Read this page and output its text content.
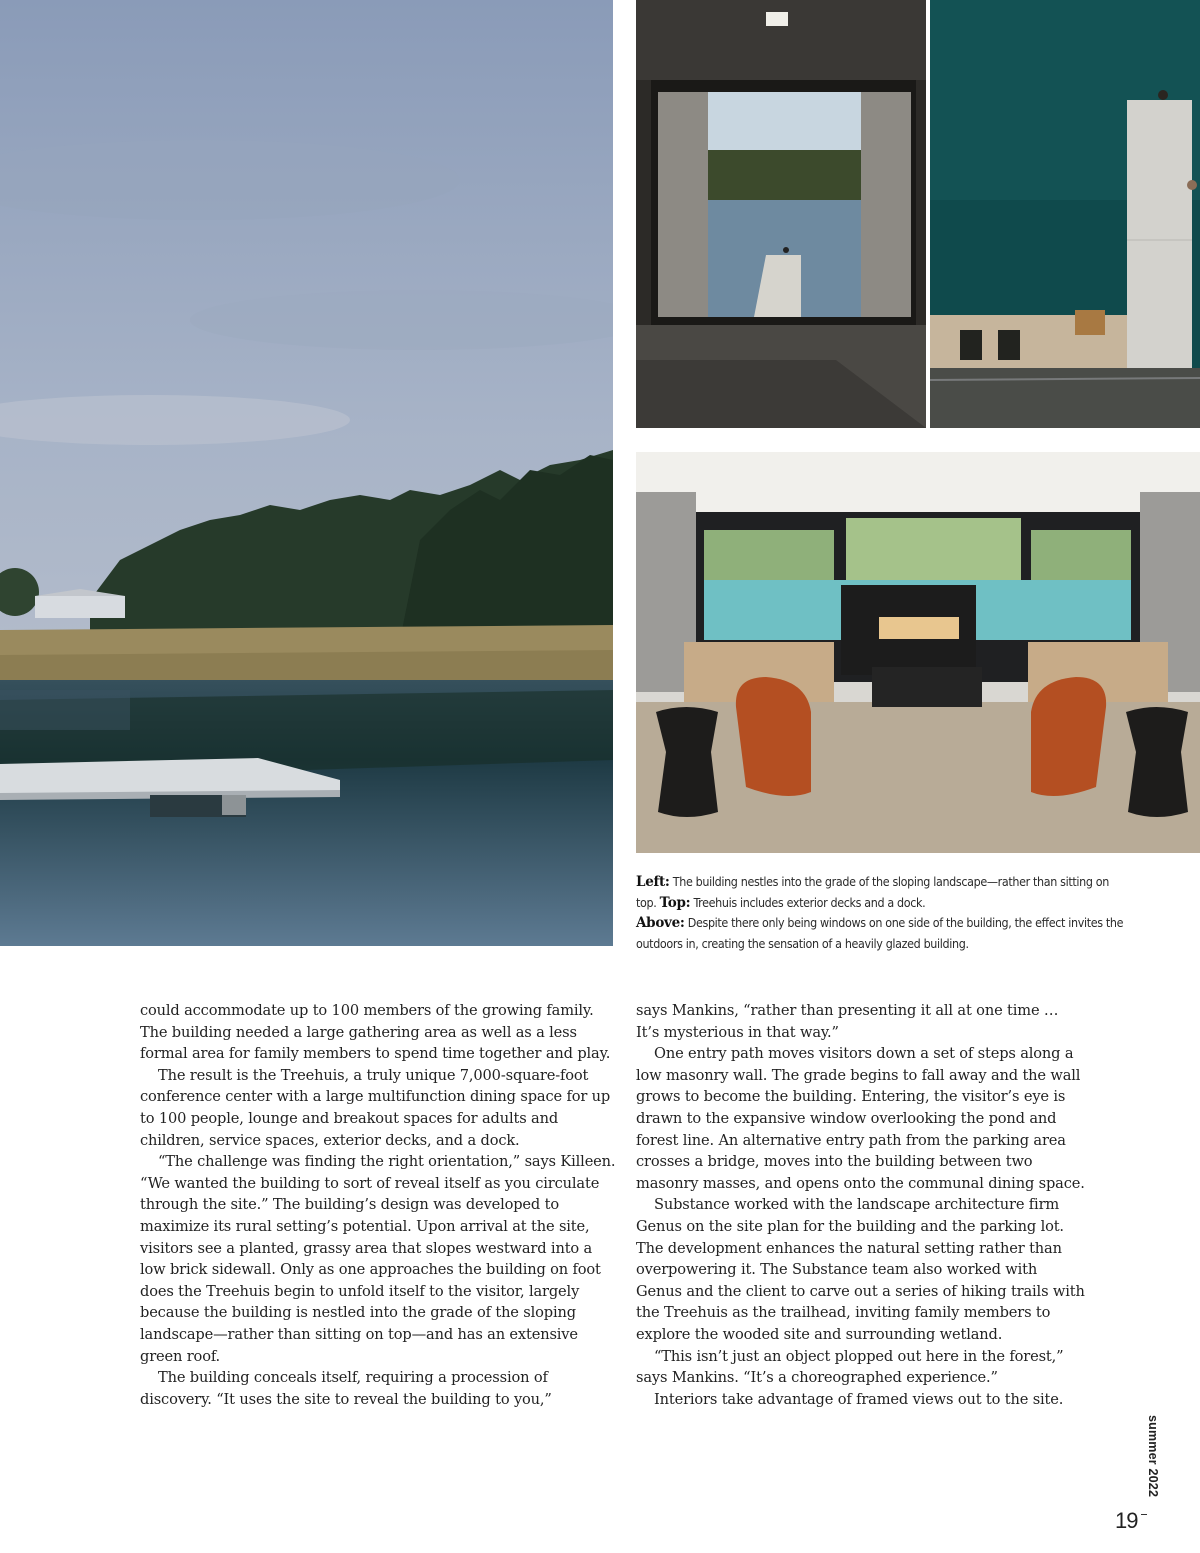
Left: The building nestles into the grade of the sloping landscape—rather than sitting on top. Top: Treehuis includes exterior decks and a dock.
Above: Despite there only being windows on one side of the building, the effect invites the outdoors in, creating the sensation of a heavily glazed building.

could accommodate up to 100 members of the growing family. The building needed a large gathering area as well as a less formal area for family members to spend time together and play.

The result is the Treehuis, a truly unique 7,000-square-foot conference center with a large multifunction dining space for up to 100 people, lounge and breakout spaces for adults and children, service spaces, exterior decks, and a dock.

“The challenge was finding the right orientation,” says Killeen. “We wanted the building to sort of reveal itself as you circulate through the site.” The building’s design was developed to maximize its rural setting’s potential. Upon arrival at the site, visitors see a planted, grassy area that slopes westward into a low brick sidewall. Only as one approaches the building on foot does the Treehuis begin to unfold itself to the visitor, largely because the building is nestled into the grade of the sloping landscape—rather than sitting on top—and has an extensive green roof.

The building conceals itself, requiring a procession of discovery. “It uses the site to reveal the building to you,”

says Mankins, “rather than presenting it all at one time … It’s mysterious in that way.”

One entry path moves visitors down a set of steps along a low masonry wall. The grade begins to fall away and the wall grows to become the building. Entering, the visitor’s eye is drawn to the expansive window overlooking the pond and forest line. An alternative entry path from the parking area crosses a bridge, moves into the building between two masonry masses, and opens onto the communal dining space.

Substance worked with the landscape architecture firm Genus on the site plan for the building and the parking lot. The development enhances the natural setting rather than overpowering it. The Substance team also worked with Genus and the client to carve out a series of hiking trails with the Treehuis as the trailhead, inviting family members to explore the wooded site and surrounding wetland.

“This isn’t just an object plopped out here in the forest,” says Mankins. “It’s a choreographed experience.”

Interiors take advantage of framed views out to the site.

19
summer 2022
